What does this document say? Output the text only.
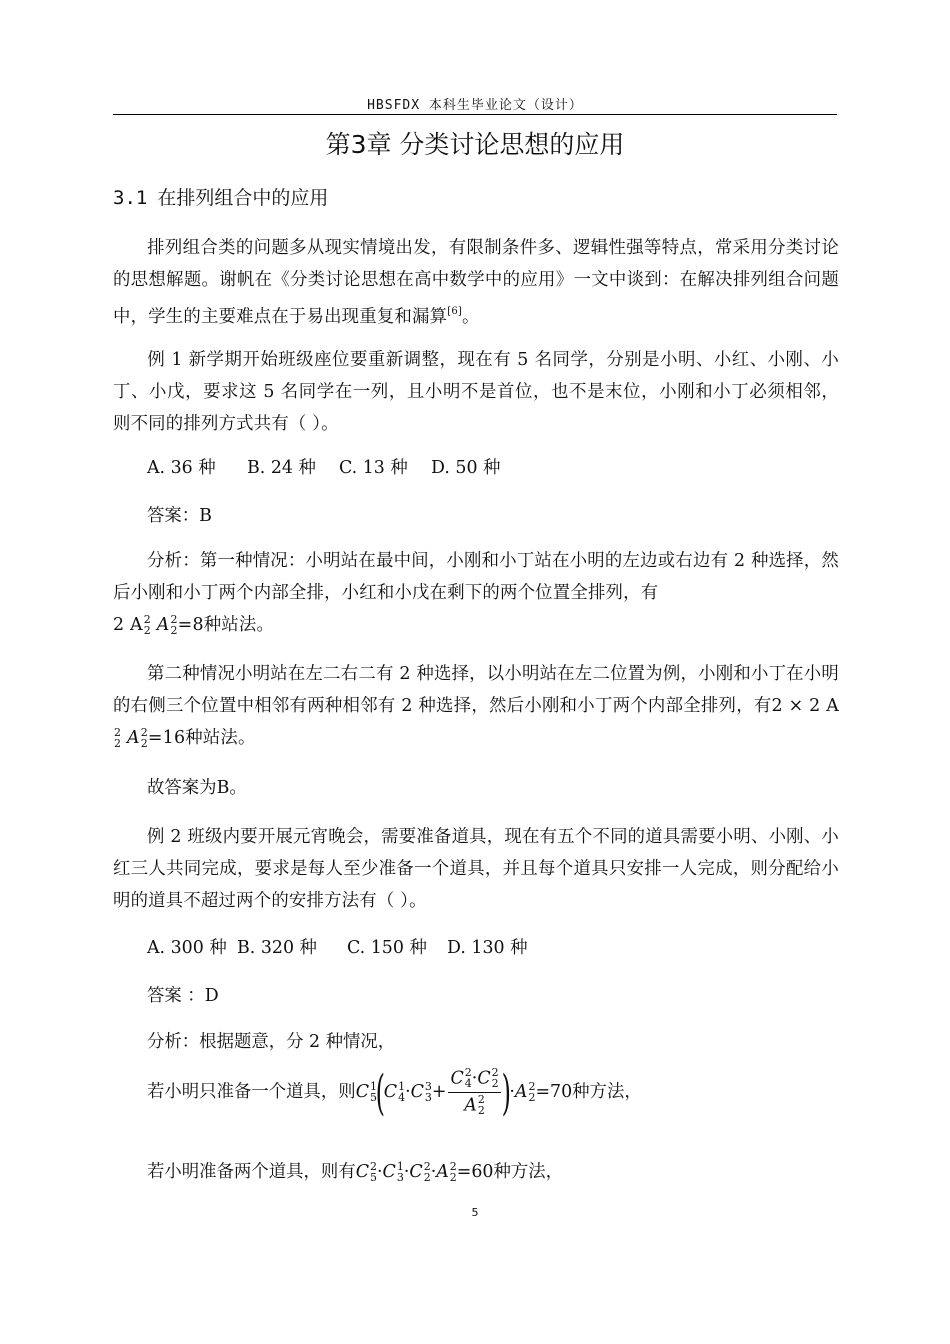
HBSFDX 本科生毕业论文（设计）
第3章 分类讨论思想的应用
3.1 在排列组合中的应用

排列组合类的问题多从现实情境出发，有限制条件多、逻辑性强等特点，常采用分类讨论的思想解题。谢帆在《分类讨论思想在高中数学中的应用》一文中谈到：在解决排列组合问题中，学生的主要难点在于易出现重复和漏算[6]。

例 1 新学期开始班级座位要重新调整，现在有 5 名同学，分别是小明、小红、小刚、小丁、小戊，要求这 5 名同学在一列，且小明不是首位，也不是末位，小刚和小丁必须相邻，则不同的排列方式共有（ ）。

A. 36 种 B. 24 种 C. 13 种 D. 50 种
答案：B

分析：第一种情况：小明站在最中间，小刚和小丁站在小明的左边或右边有 2 种选择，然后小刚和小丁两个内部全排，小红和小戊在剩下的两个位置全排列，有
2 A 2
2 A 2
2 =8种站法。

第二种情况小明站在左二右二有 2 种选择，以小明站在左二位置为例，小刚和小丁在小明的右侧三个位置中相邻有两种相邻有 2 种选择，然后小刚和小丁两个内部全排列，有2 × 2 A
2
2 A 2
2 =16种站法。

故答案为B。

例 2 班级内要开展元宵晚会，需要准备道具，现在有五个不同的道具需要小明、小刚、小红三人共同完成，要求是每人至少准备一个道具，并且每个道具只安排一人完成，则分配给小明的道具不超过两个的安排方法有（ ）。

A. 300 种 B. 320 种 C. 150 种 D. 130 种
答案 ：D
分析：根据题意，分 2 种情况，
若小明只准备一个道具，则C 1
5
(C 1
4 ·C 3
3 + C 2
4 ·C 2
2
A 2
2 )·A 2
2 =70种方法，
若小明准备两个道具，则有C 2
5 ·C 1
3 ·C 2
2 ·A 2
2 =60种方法，
5
